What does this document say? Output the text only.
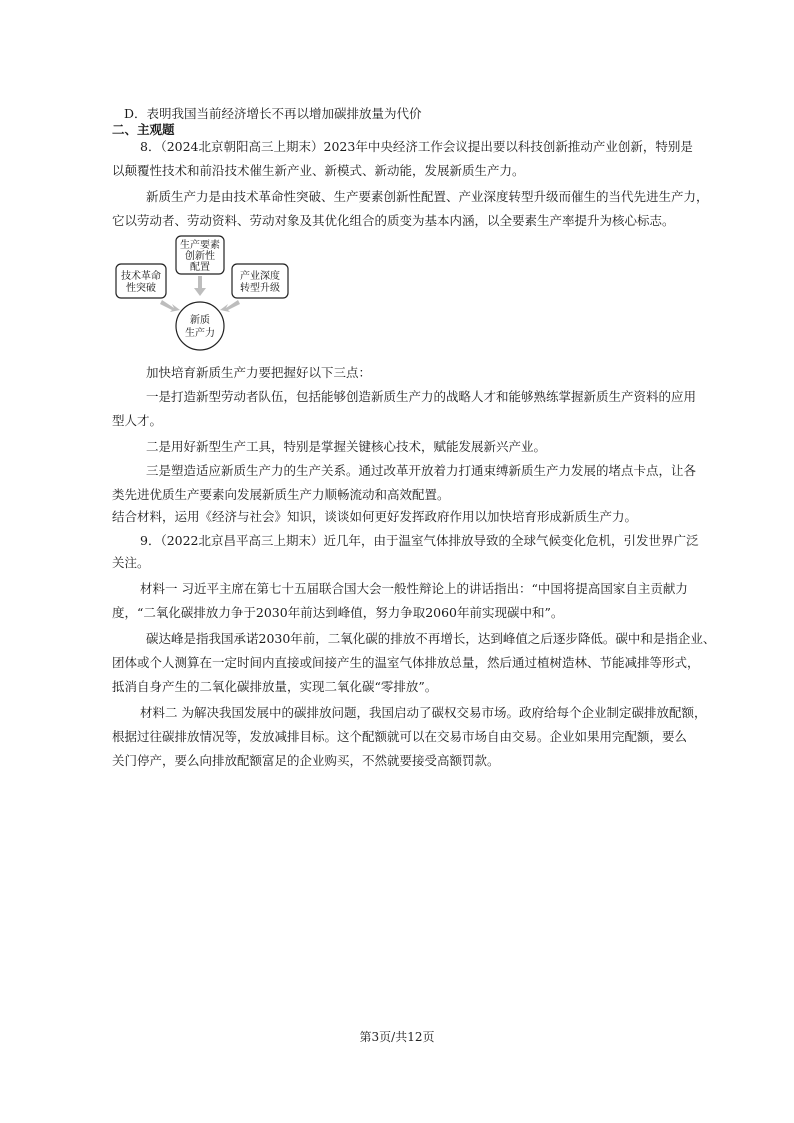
D．表明我国当前经济增长不再以增加碳排放量为代价
二、主观题
8．（2024北京朝阳高三上期末）2023年中央经济工作会议提出要以科技创新推动产业创新，特别是
以颠覆性技术和前沿技术催生新产业、新模式、新动能，发展新质生产力。
新质生产力是由技术革命性突破、生产要素创新性配置、产业深度转型升级而催生的当代先进生产力，
它以劳动者、劳动资料、劳动对象及其优化组合的质变为基本内涵，以全要素生产率提升为核心标志。
生产要素
创新性
配置
技术革命
性突破
产业深度
转型升级
新质
生产力
加快培育新质生产力要把握好以下三点：
一是打造新型劳动者队伍，包括能够创造新质生产力的战略人才和能够熟练掌握新质生产资料的应用
型人才。
二是用好新型生产工具，特别是掌握关键核心技术，赋能发展新兴产业。
三是塑造适应新质生产力的生产关系。通过改革开放着力打通束缚新质生产力发展的堵点卡点，让各
类先进优质生产要素向发展新质生产力顺畅流动和高效配置。
结合材料，运用《经济与社会》知识，谈谈如何更好发挥政府作用以加快培育形成新质生产力。
9．（2022北京昌平高三上期末）近几年，由于温室气体排放导致的全球气候变化危机，引发世界广泛
关注。
材料一 习近平主席在第七十五届联合国大会一般性辩论上的讲话指出：“中国将提高国家自主贡献力
度，“二氧化碳排放力争于2030年前达到峰值，努力争取2060年前实现碳中和”。
碳达峰是指我国承诺2030年前，二氧化碳的排放不再增长，达到峰值之后逐步降低。碳中和是指企业、
团体或个人测算在一定时间内直接或间接产生的温室气体排放总量，然后通过植树造林、节能减排等形式，
抵消自身产生的二氧化碳排放量，实现二氧化碳“零排放”。
材料二 为解决我国发展中的碳排放问题，我国启动了碳权交易市场。政府给每个企业制定碳排放配额，
根据过往碳排放情况等，发放减排目标。这个配额就可以在交易市场自由交易。企业如果用完配额，要么
关门停产，要么向排放配额富足的企业购买，不然就要接受高额罚款。
第3页/共12页
